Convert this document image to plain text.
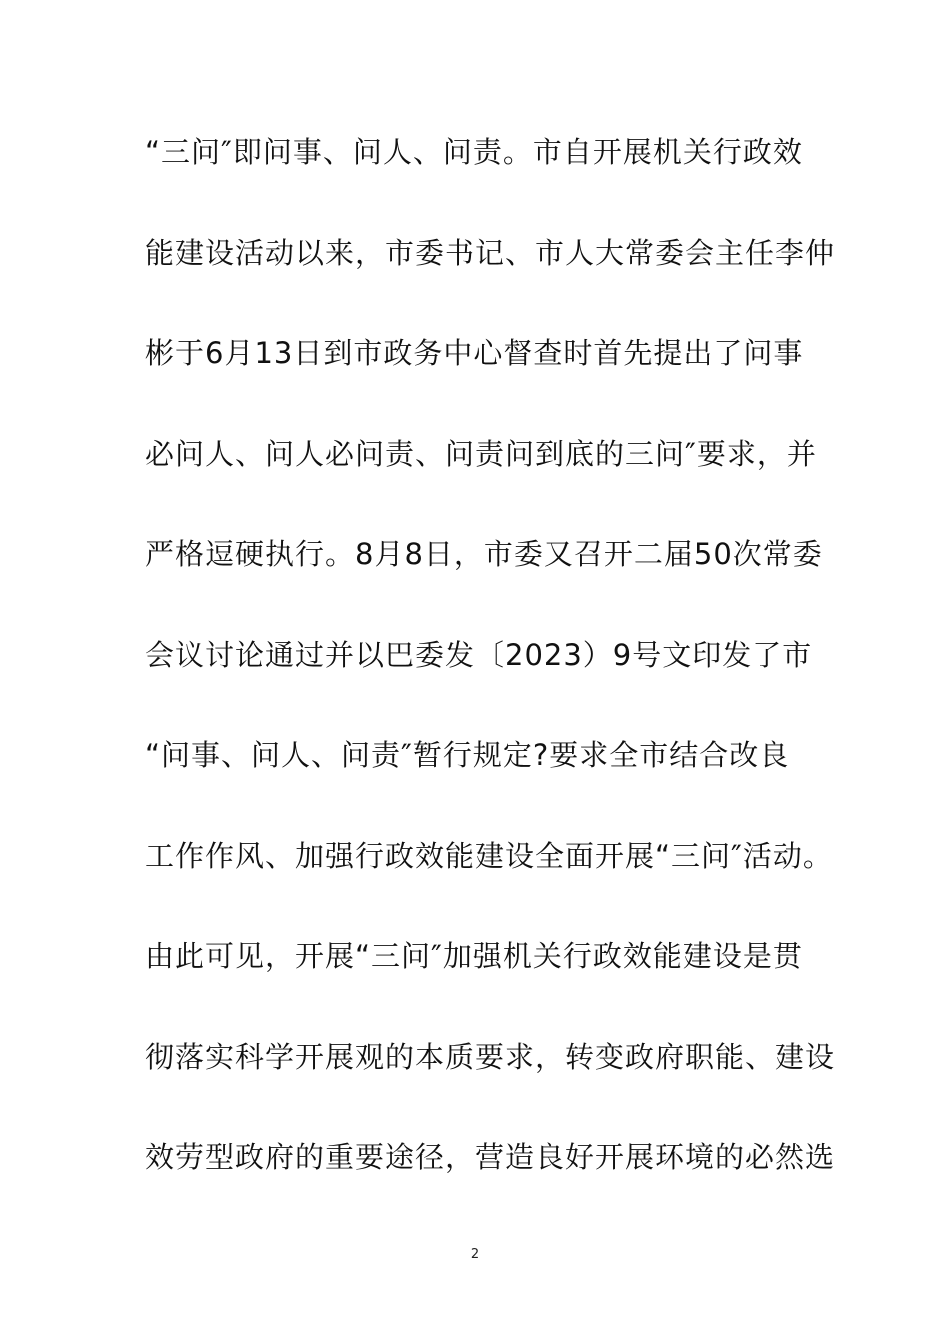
“三问″即问事、问人、问责。市自开展机关行政效
能建设活动以来，市委书记、市人大常委会主任李仲
彬于6月13日到市政务中心督查时首先提出了问事
必问人、问人必问责、问责问到底的三问″要求，并
严格逗硬执行。8月8日，市委又召开二届50次常委
会议讨论通过并以巴委发〔2023）9号文印发了市
“问事、问人、问责″暂行规定?要求全市结合改良
工作作风、加强行政效能建设全面开展“三问″活动。
由此可见，开展“三问″加强机关行政效能建设是贯
彻落实科学开展观的本质要求，转变政府职能、建设
效劳型政府的重要途径，营造良好开展环境的必然选
2
